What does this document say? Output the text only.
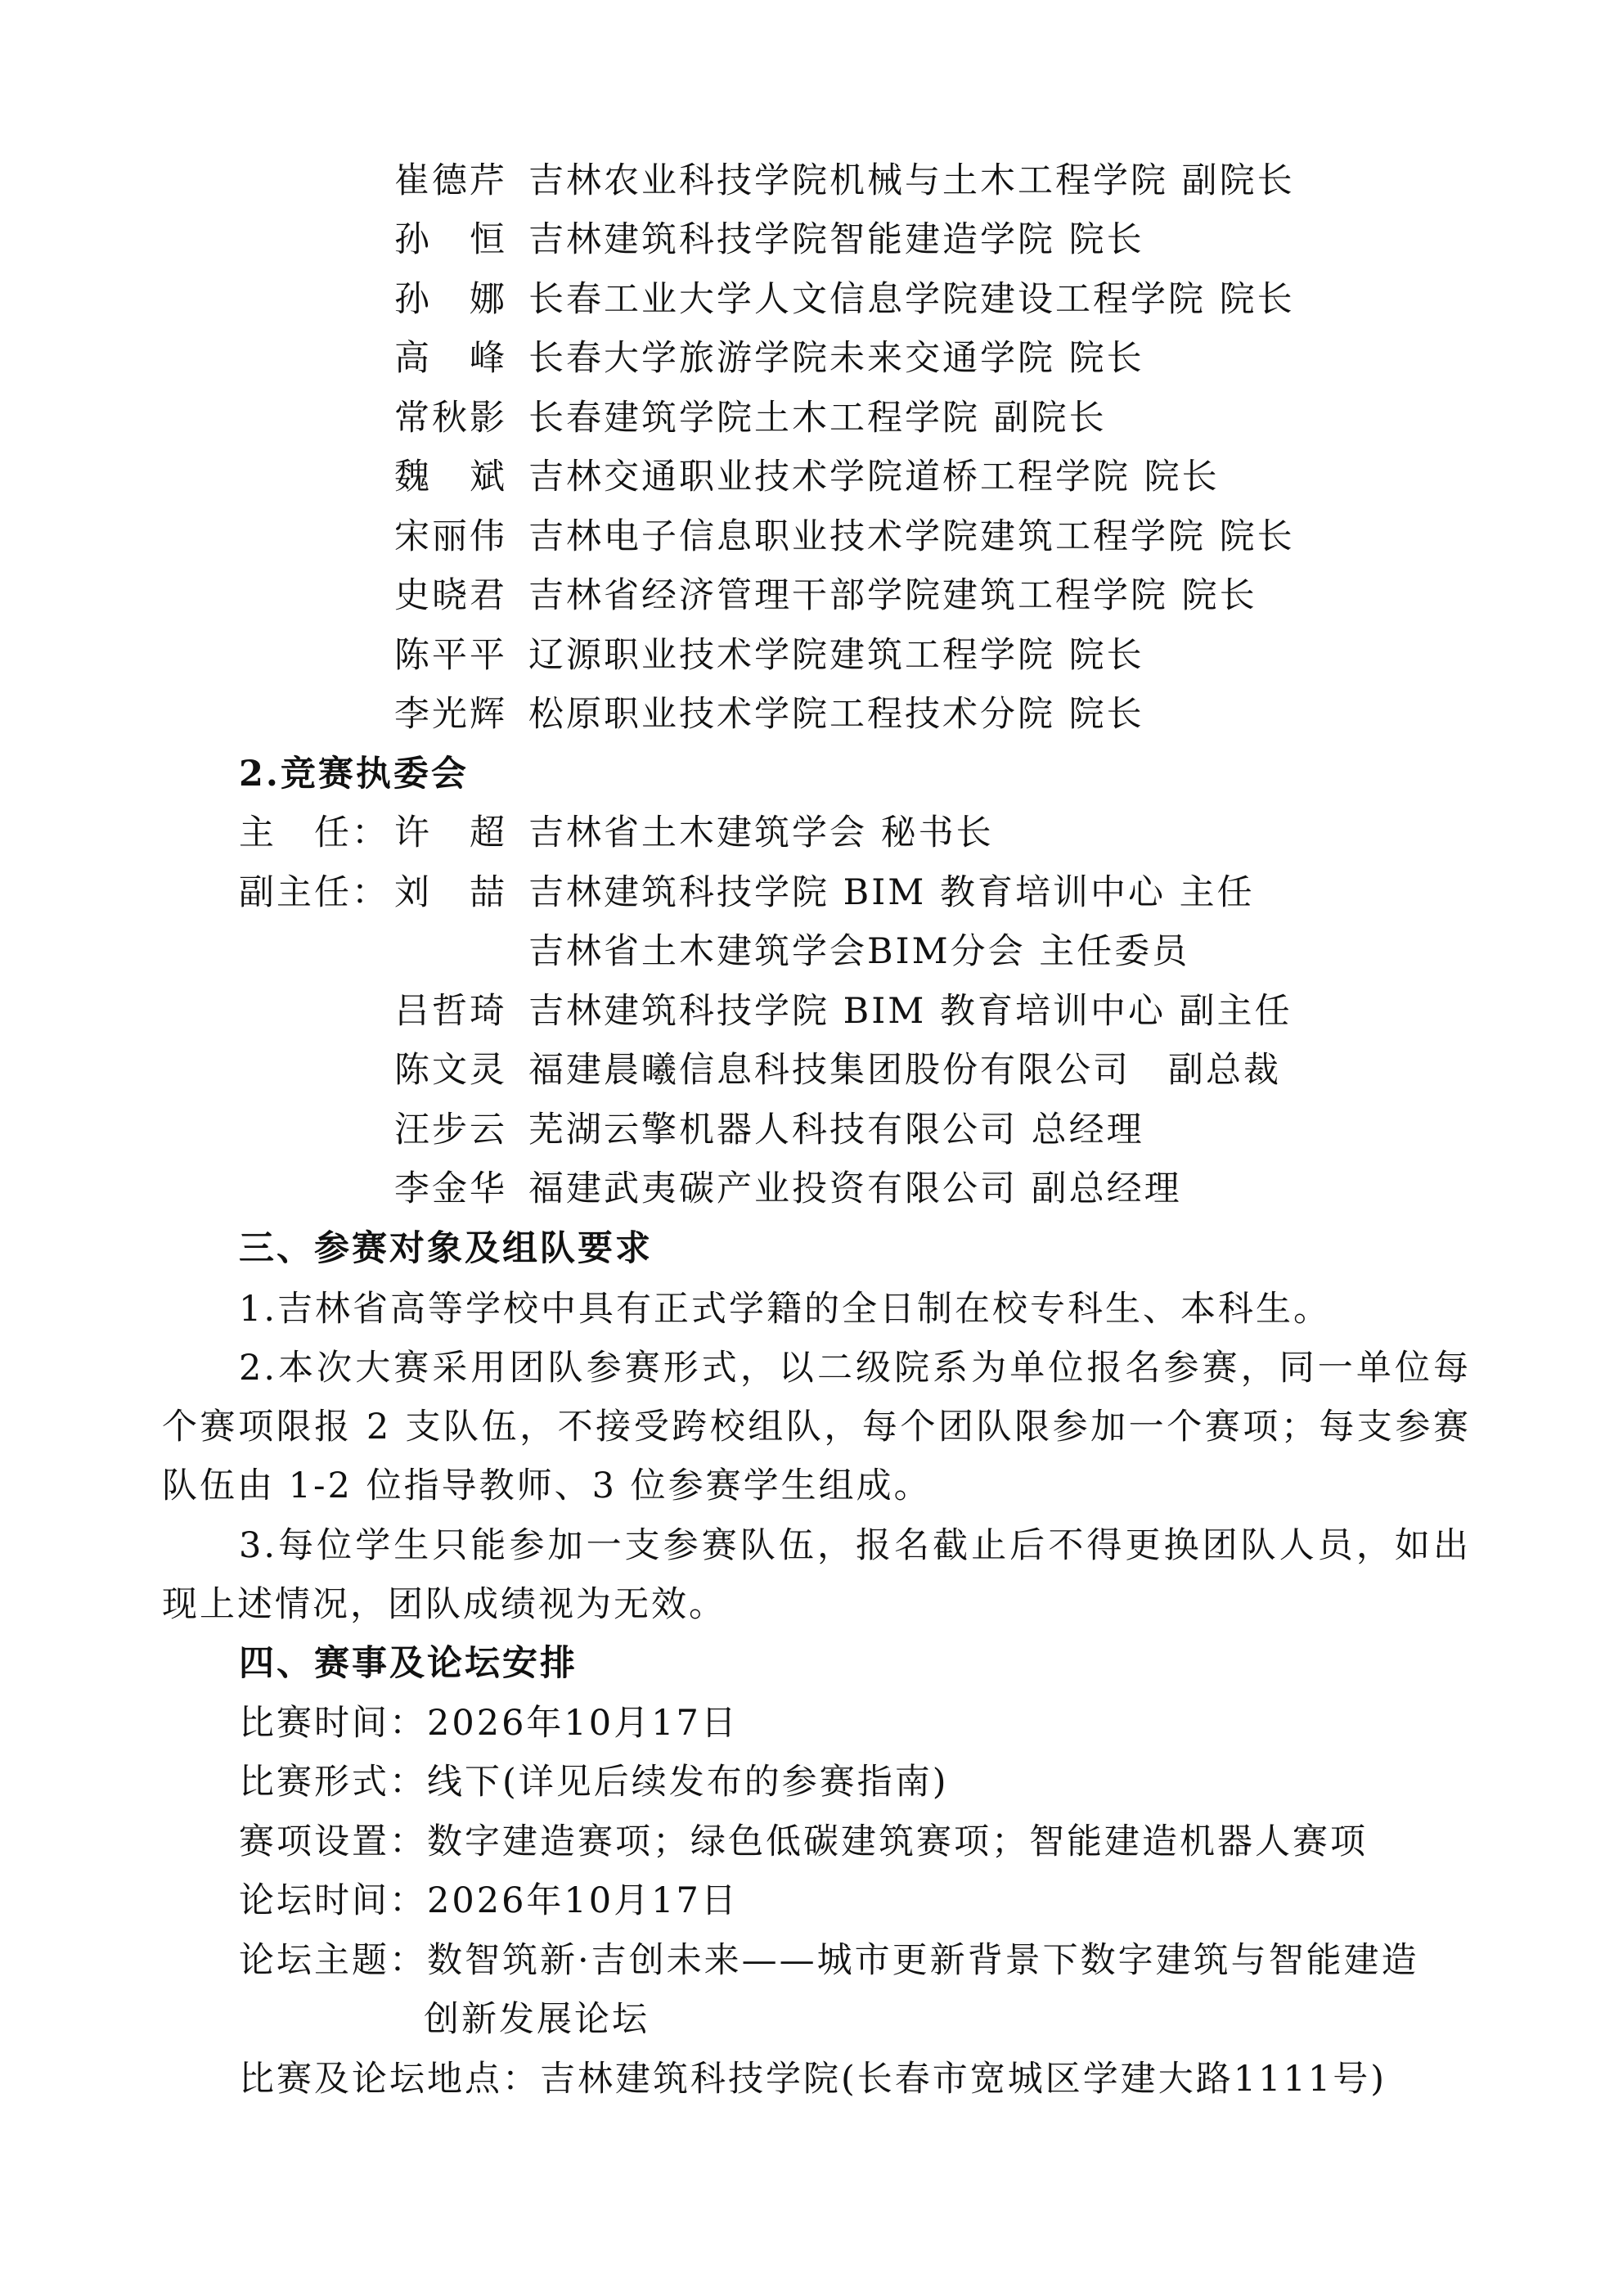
崔德芹 吉林农业科技学院机械与土木工程学院 副院长
孙　恒 吉林建筑科技学院智能建造学院 院长
孙　娜 长春工业大学人文信息学院建设工程学院 院长
高　峰 长春大学旅游学院未来交通学院 院长
常秋影 长春建筑学院土木工程学院 副院长
魏　斌 吉林交通职业技术学院道桥工程学院 院长
宋丽伟 吉林电子信息职业技术学院建筑工程学院 院长
史晓君 吉林省经济管理干部学院建筑工程学院 院长
陈平平 辽源职业技术学院建筑工程学院 院长
李光辉 松原职业技术学院工程技术分院 院长
2.竞赛执委会
主　任： 许　超 吉林省土木建筑学会 秘书长
副主任： 刘　喆 吉林建筑科技学院 BIM 教育培训中心 主任
吉林省土木建筑学会BIM分会 主任委员
吕哲琦 吉林建筑科技学院 BIM 教育培训中心 副主任
陈文灵 福建晨曦信息科技集团股份有限公司　副总裁
汪步云 芜湖云擎机器人科技有限公司 总经理
李金华 福建武夷碳产业投资有限公司 副总经理
三、参赛对象及组队要求
1.吉林省高等学校中具有正式学籍的全日制在校专科生、本科生。
2.本次大赛采用团队参赛形式，以二级院系为单位报名参赛，同一单位每个赛项限报 2 支队伍，不接受跨校组队，每个团队限参加一个赛项；每支参赛队伍由 1-2 位指导教师、3 位参赛学生组成。
3.每位学生只能参加一支参赛队伍，报名截止后不得更换团队人员，如出现上述情况，团队成绩视为无效。
四、赛事及论坛安排
比赛时间： 2026年10月17日
比赛形式： 线下(详见后续发布的参赛指南)
赛项设置： 数字建造赛项；绿色低碳建筑赛项；智能建造机器人赛项
论坛时间： 2026年10月17日
论坛主题： 数智筑新·吉创未来——城市更新背景下数字建筑与智能建造
创新发展论坛
比赛及论坛地点： 吉林建筑科技学院(长春市宽城区学建大路1111号)
